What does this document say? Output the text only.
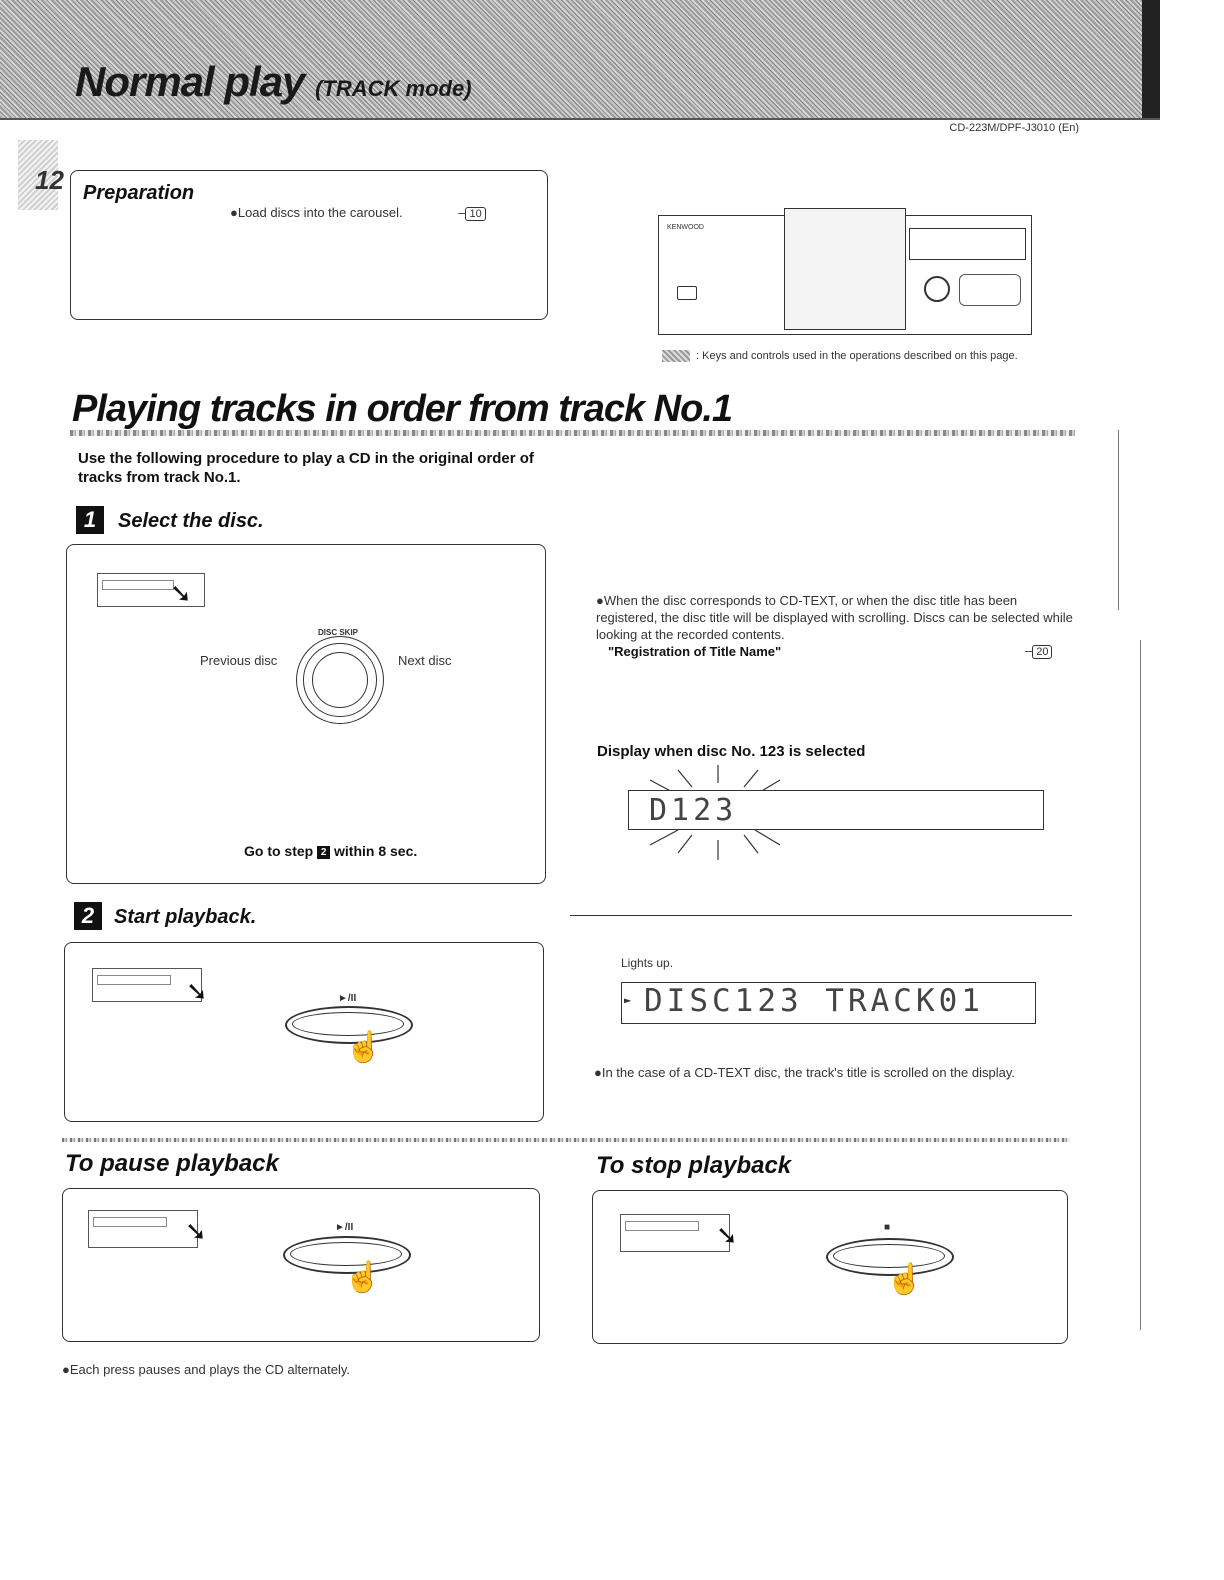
Normal play (TRACK mode)
CD-223M/DPF-J3010 (En)
12 Preparation
●Load discs into the carousel.	– 10
KENWOOD
: Keys and controls used in the operations described on this page.
Playing tracks in order from track No.1
Use the following procedure to play a CD in the original order of tracks from track No.1.
1	Select the disc.
➘
DISC SKIP
Previous disc	Next disc
Go to step 2 within 8 sec.
●When the disc corresponds to CD-TEXT, or when the disc title has been registered, the disc title will be displayed with scrolling. Discs can be selected while looking at the recorded contents.
"Registration of Title Name"	– 20
Display when disc No. 123 is selected
D123
2 Start playback.
➘	►/II
☝
Lights up.
► DISC123 TRACK01
●In the case of a CD-TEXT disc, the track's title is scrolled on the display.
To pause playback
➘	►/II
☝
●Each press pauses and plays the CD alternately.
To stop playback
➘	■
☝
